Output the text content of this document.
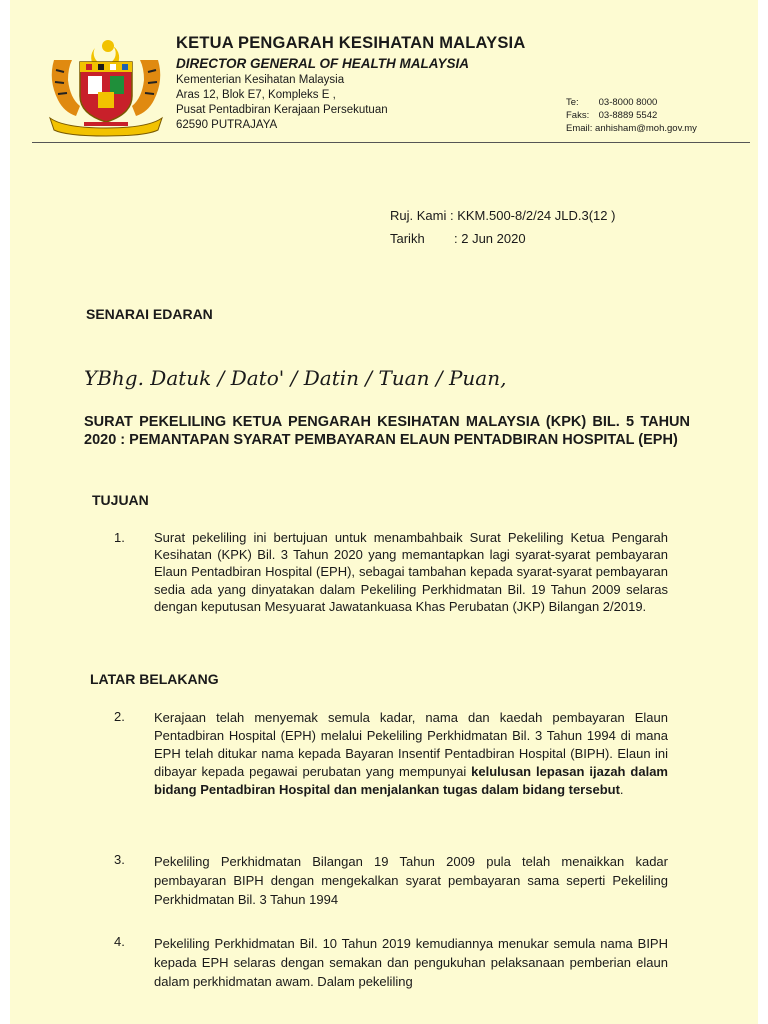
KETUA PENGARAH KESIHATAN MALAYSIA
DIRECTOR GENERAL OF HEALTH MALAYSIA
Kementerian Kesihatan Malaysia
Aras 12, Blok E7, Kompleks E ,
Pusat Pentadbiran Kerajaan Persekutuan
62590 PUTRAJAYA
Te: 03-8000 8000
Faks: 03-8889 5542
Email: anhisham@moh.gov.my
Ruj. Kami : KKM.500-8/2/24 JLD.3(12 )
Tarikh : 2 Jun 2020
SENARAI EDARAN
YBhg. Datuk / Dato' / Datin / Tuan / Puan,
SURAT PEKELILING KETUA PENGARAH KESIHATAN MALAYSIA (KPK) BIL. 5 TAHUN 2020 : PEMANTAPAN SYARAT PEMBAYARAN ELAUN PENTADBIRAN HOSPITAL (EPH)
TUJUAN
1. Surat pekeliling ini bertujuan untuk menambahbaik Surat Pekeliling Ketua Pengarah Kesihatan (KPK) Bil. 3 Tahun 2020 yang memantapkan lagi syarat-syarat pembayaran Elaun Pentadbiran Hospital (EPH), sebagai tambahan kepada syarat-syarat pembayaran sedia ada yang dinyatakan dalam Pekeliling Perkhidmatan Bil. 19 Tahun 2009 selaras dengan keputusan Mesyuarat Jawatankuasa Khas Perubatan (JKP) Bilangan 2/2019.
LATAR BELAKANG
2. Kerajaan telah menyemak semula kadar, nama dan kaedah pembayaran Elaun Pentadbiran Hospital (EPH) melalui Pekeliling Perkhidmatan Bil. 3 Tahun 1994 di mana EPH telah ditukar nama kepada Bayaran Insentif Pentadbiran Hospital (BIPH). Elaun ini dibayar kepada pegawai perubatan yang mempunyai kelulusan lepasan ijazah dalam bidang Pentadbiran Hospital dan menjalankan tugas dalam bidang tersebut.
3. Pekeliling Perkhidmatan Bilangan 19 Tahun 2009 pula telah menaikkan kadar pembayaran BIPH dengan mengekalkan syarat pembayaran sama seperti Pekeliling Perkhidmatan Bil. 3 Tahun 1994
4. Pekeliling Perkhidmatan Bil. 10 Tahun 2019 kemudiannya menukar semula nama BIPH kepada EPH selaras dengan semakan dan pengukuhan pelaksanaan pemberian elaun dalam perkhidmatan awam. Dalam pekeliling
